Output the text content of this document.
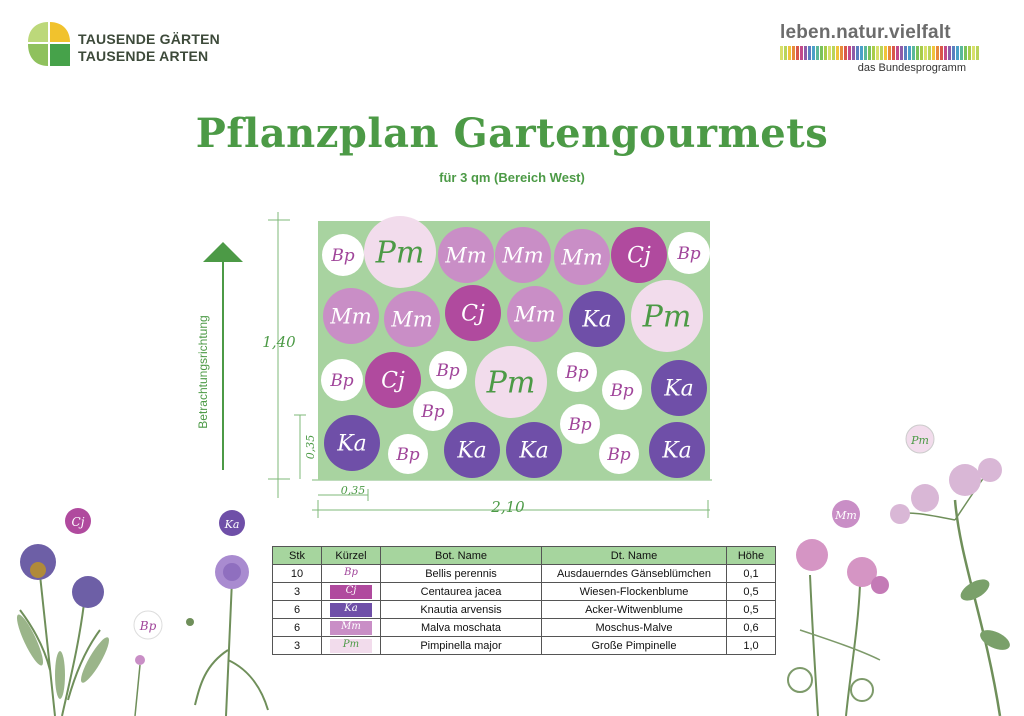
TAUSENDE GÄRTEN
TAUSENDE ARTEN
leben.natur.vielfalt
das Bundesprogramm
Pflanzplan Gartengourmets
für 3 qm (Bereich West)
Betrachtungsrichtung	1,40
0,35
0,35
2,10
Bp Pm Mm Mm Mm Cj Bp
Mm Mm Cj Mm Ka Pm
Bp Cj Bp Pm Bp
Bp Ka
Bp
Bp
Ka Bp Ka Ka	Bp Ka
Stk	Kürzel	Bot. Name	Dt. Name	Höhe
10	Bp	Bellis perennis	Ausdauerndes Gänseblümchen	0,1
3	Cj	Centaurea jacea	Wiesen-Flockenblume	0,5
6	Ka	Knautia arvensis	Acker-Witwenblume	0,5
6	Mm	Malva moschata	Moschus-Malve	0,6
3	Pm	Pimpinella major	Große Pimpinelle	1,0
Cj	Ka
Bp
Mm
Pm
